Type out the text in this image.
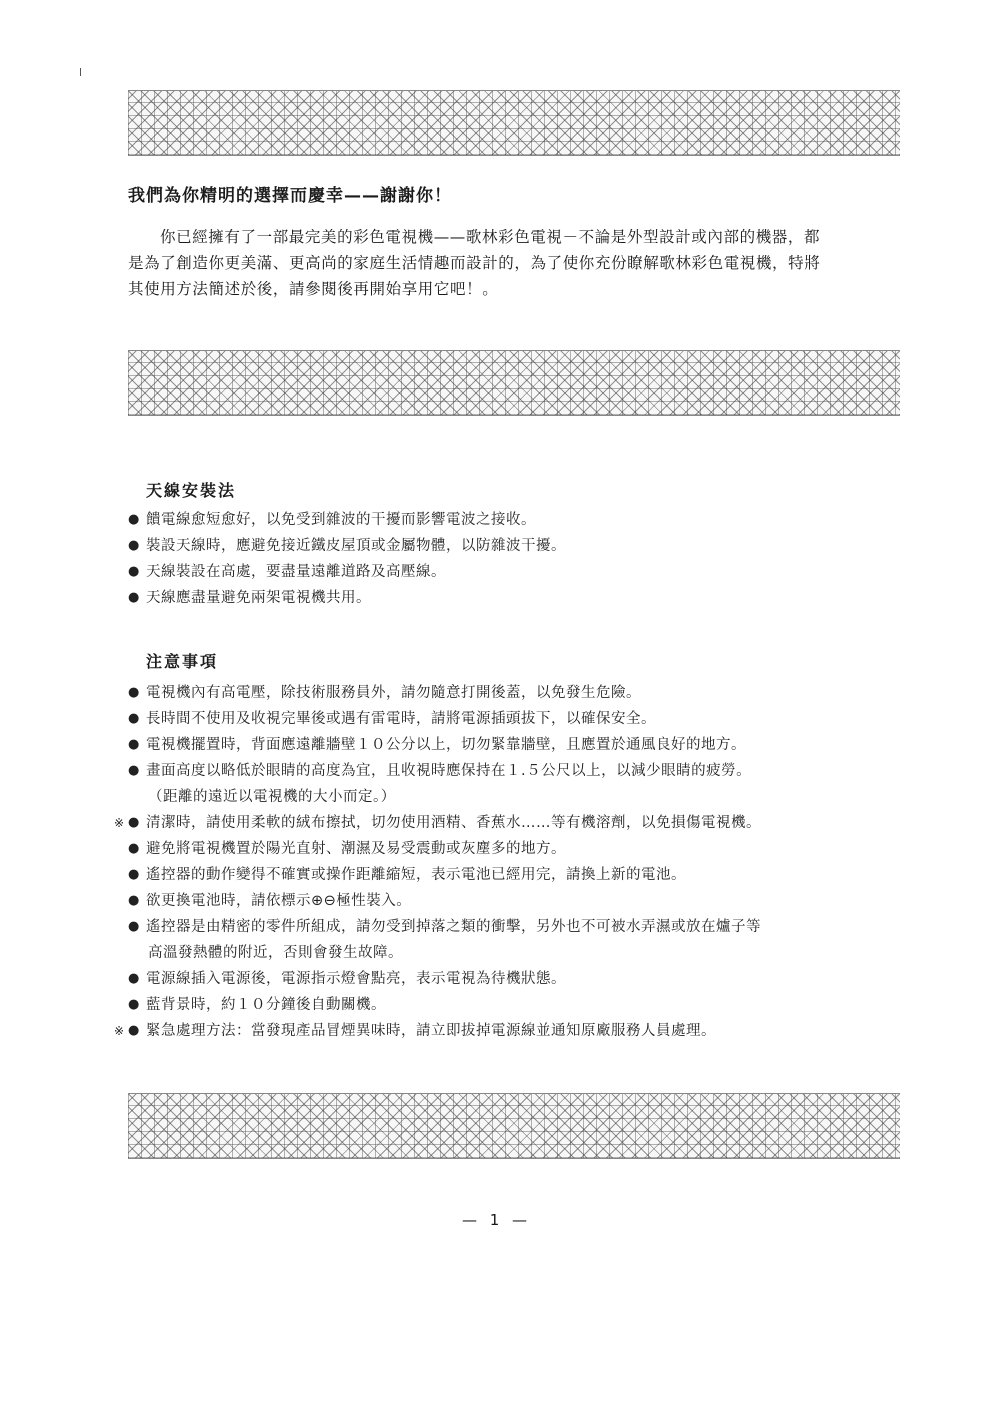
我們為你精明的選擇而慶幸——謝謝你！

你已經擁有了一部最完美的彩色電視機——歌林彩色電視－不論是外型設計或內部的機器，都
是為了創造你更美滿、更高尚的家庭生活情趣而設計的，為了使你充份瞭解歌林彩色電視機，特將
其使用方法簡述於後，請參閱後再開始享用它吧！。

天線安裝法
● 饋電線愈短愈好，以免受到雜波的干擾而影響電波之接收。
● 裝設天線時，應避免接近鐵皮屋頂或金屬物體，以防雜波干擾。
● 天線裝設在高處，要盡量遠離道路及高壓線。
● 天線應盡量避免兩架電視機共用。
注意事項
● 電視機內有高電壓，除技術服務員外，請勿隨意打開後蓋，以免發生危險。
● 長時間不使用及收視完畢後或遇有雷電時，請將電源插頭拔下，以確保安全。
● 電視機擺置時，背面應遠離牆壁１０公分以上，切勿緊靠牆壁，且應置於通風良好的地方。
● 畫面高度以略低於眼睛的高度為宜，且收視時應保持在１.５公尺以上，以減少眼睛的疲勞。
（距離的遠近以電視機的大小而定。）
※ ● 清潔時，請使用柔軟的絨布擦拭，切勿使用酒精、香蕉水……等有機溶劑，以免損傷電視機。
● 避免將電視機置於陽光直射、潮濕及易受震動或灰塵多的地方。
● 遙控器的動作變得不確實或操作距離縮短，表示電池已經用完，請換上新的電池。
● 欲更換電池時，請依標示⊕⊖極性裝入。
● 遙控器是由精密的零件所組成，請勿受到掉落之類的衝擊，另外也不可被水弄濕或放在爐子等
高溫發熱體的附近，否則會發生故障。
● 電源線插入電源後，電源指示燈會點亮，表示電視為待機狀態。
● 藍背景時，約１０分鐘後自動關機。
※ ● 緊急處理方法：當發現產品冒煙異味時，請立即拔掉電源線並通知原廠服務人員處理。

— 1 —
